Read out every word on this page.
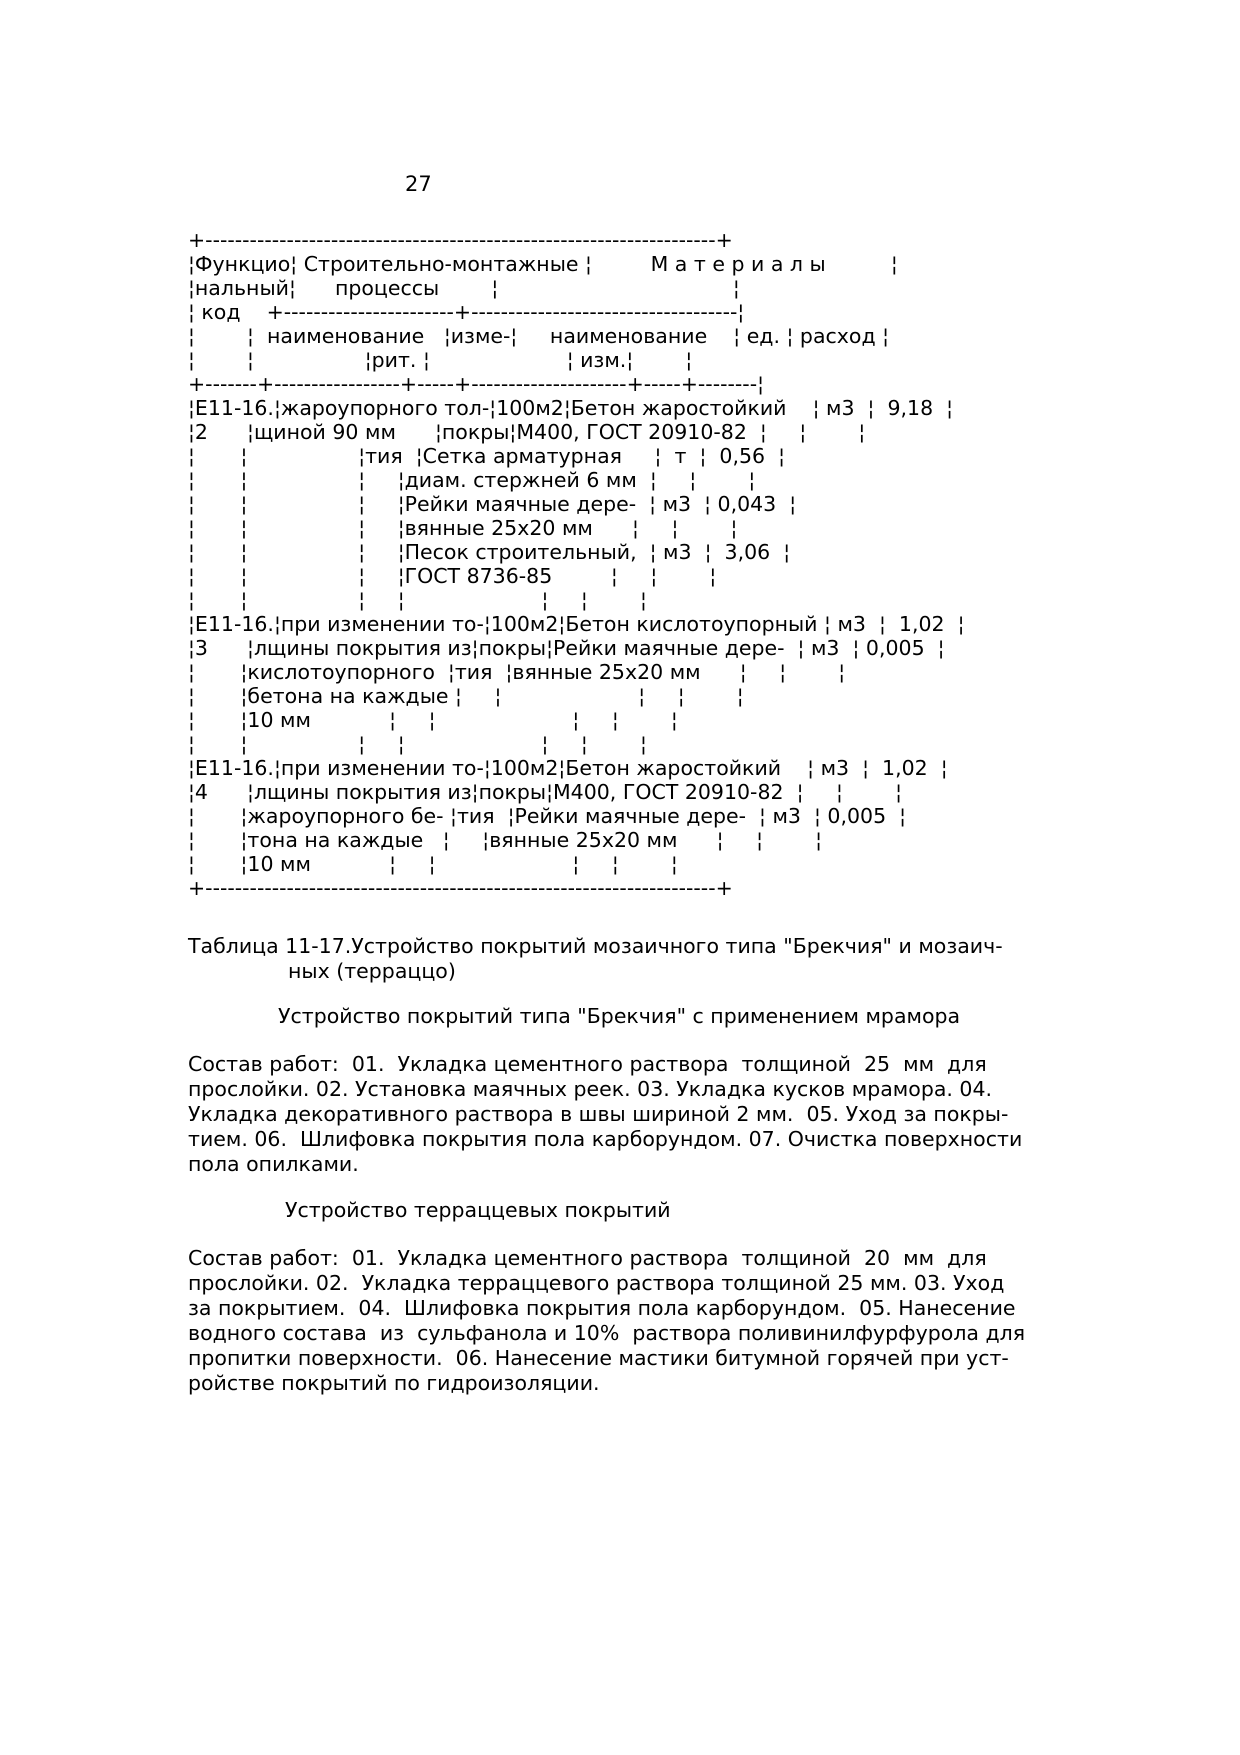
27
+---------------------------------------------------------------------+
¦Функцио¦ Строительно-монтажные ¦         М а т е р и а л ы          ¦
¦нальный¦      процессы        ¦                                    ¦
¦ код    +-----------------------+------------------------------------¦
¦        ¦  наименование   ¦изме-¦     наименование    ¦ ед. ¦ расход ¦
¦        ¦                 ¦рит. ¦                     ¦ изм.¦        ¦
+-------+-----------------+-----+---------------------+-----+--------¦
¦Е11-16.¦жароупорного тол-¦100м2¦Бетон жаростойкий    ¦ м3  ¦  9,18  ¦
¦2      ¦щиной 90 мм      ¦покры¦М400, ГОСТ 20910-82  ¦     ¦        ¦
¦       ¦                 ¦тия  ¦Сетка арматурная     ¦  т  ¦  0,56  ¦
¦       ¦                 ¦     ¦диам. стержней 6 мм  ¦     ¦        ¦
¦       ¦                 ¦     ¦Рейки маячные дере-  ¦ м3  ¦ 0,043  ¦
¦       ¦                 ¦     ¦вянные 25х20 мм      ¦     ¦        ¦
¦       ¦                 ¦     ¦Песок строительный,  ¦ м3  ¦  3,06  ¦
¦       ¦                 ¦     ¦ГОСТ 8736-85         ¦     ¦        ¦
¦       ¦                 ¦     ¦                     ¦     ¦        ¦
¦Е11-16.¦при изменении то-¦100м2¦Бетон кислотоупорный ¦ м3  ¦  1,02  ¦
¦3      ¦лщины покрытия из¦покры¦Рейки маячные дере-  ¦ м3  ¦ 0,005  ¦
¦       ¦кислотоупорного  ¦тия  ¦вянные 25х20 мм      ¦     ¦        ¦
¦       ¦бетона на каждые ¦     ¦                     ¦     ¦        ¦
¦       ¦10 мм            ¦     ¦                     ¦     ¦        ¦
¦       ¦                 ¦     ¦                     ¦     ¦        ¦
¦Е11-16.¦при изменении то-¦100м2¦Бетон жаростойкий    ¦ м3  ¦  1,02  ¦
¦4      ¦лщины покрытия из¦покры¦М400, ГОСТ 20910-82  ¦     ¦        ¦
¦       ¦жароупорного бе- ¦тия  ¦Рейки маячные дере-  ¦ м3  ¦ 0,005  ¦
¦       ¦тона на каждые   ¦     ¦вянные 25х20 мм      ¦     ¦        ¦
¦       ¦10 мм            ¦     ¦                     ¦     ¦        ¦
+---------------------------------------------------------------------+
Таблица 11-17.Устройство покрытий мозаичного типа "Брекчия" и мозаич-
ных (терраццо)
Устройство покрытий типа "Брекчия" с применением мрамора
Состав работ:  01.  Укладка цементного раствора  толщиной  25  мм  для
прослойки. 02. Установка маячных реек. 03. Укладка кусков мрамора. 04.
Укладка декоративного раствора в швы шириной 2 мм.  05. Уход за покры-
тием. 06.  Шлифовка покрытия пола карборундом. 07. Очистка поверхности
пола опилками.
Устройство терраццевых покрытий
Состав работ:  01.  Укладка цементного раствора  толщиной  20  мм  для
прослойки. 02.  Укладка терраццевого раствора толщиной 25 мм. 03. Уход
за покрытием.  04.  Шлифовка покрытия пола карборундом.  05. Нанесение
водного состава  из  сульфанола и 10%  раствора поливинилфурфурола для
пропитки поверхности.  06. Нанесение мастики битумной горячей при уст-
ройстве покрытий по гидроизоляции.
